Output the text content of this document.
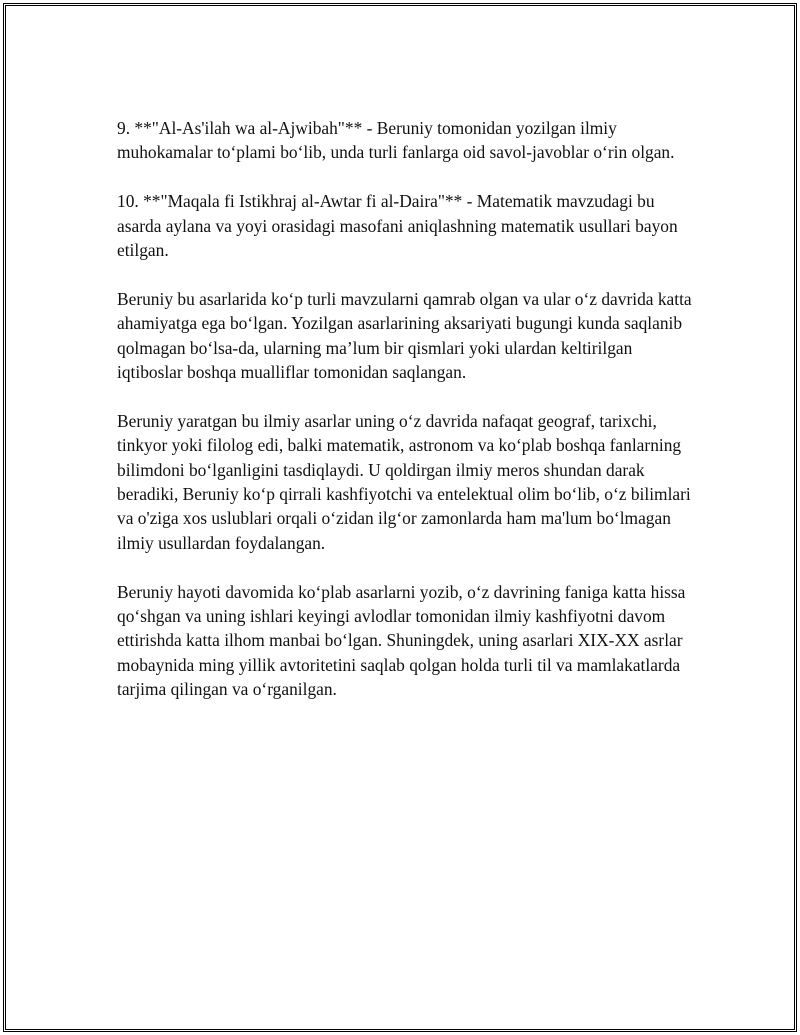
9. **"Al-As'ilah wa al-Ajwibah"** - Beruniy tomonidan yozilgan ilmiy muhokamalar toʻplami boʻlib, unda turli fanlarga oid savol-javoblar oʻrin olgan.

10. **"Maqala fi Istikhraj al-Awtar fi al-Daira"** - Matematik mavzudagi bu asarda aylana va yoyi orasidagi masofani aniqlashning matematik usullari bayon etilgan.

Beruniy bu asarlarida koʻp turli mavzularni qamrab olgan va ular oʻz davrida katta ahamiyatga ega boʻlgan. Yozilgan asarlarining aksariyati bugungi kunda saqlanib qolmagan boʻlsa-da, ularning maʼlum bir qismlari yoki ulardan keltirilgan iqtiboslar boshqa mualliflar tomonidan saqlangan.

Beruniy yaratgan bu ilmiy asarlar uning oʻz davrida nafaqat geograf, tarixchi, tinkyor yoki filolog edi, balki matematik, astronom va koʻplab boshqa fanlarning bilimdoni boʻlganligini tasdiqlaydi. U qoldirgan ilmiy meros shundan darak beradiki, Beruniy koʻp qirrali kashfiyotchi va entelektual olim boʻlib, oʻz bilimlari va o'ziga xos uslublari orqali oʻzidan ilgʻor zamonlarda ham ma'lum boʻlmagan ilmiy usullardan foydalangan.

Beruniy hayoti davomida koʻplab asarlarni yozib, oʻz davrining faniga katta hissa qoʻshgan va uning ishlari keyingi avlodlar tomonidan ilmiy kashfiyotni davom ettirishda katta ilhom manbai boʻlgan. Shuningdek, uning asarlari XIX-XX asrlar mobaynida ming yillik avtoritetini saqlab qolgan holda turli til va mamlakatlarda tarjima qilingan va oʻrganilgan.
